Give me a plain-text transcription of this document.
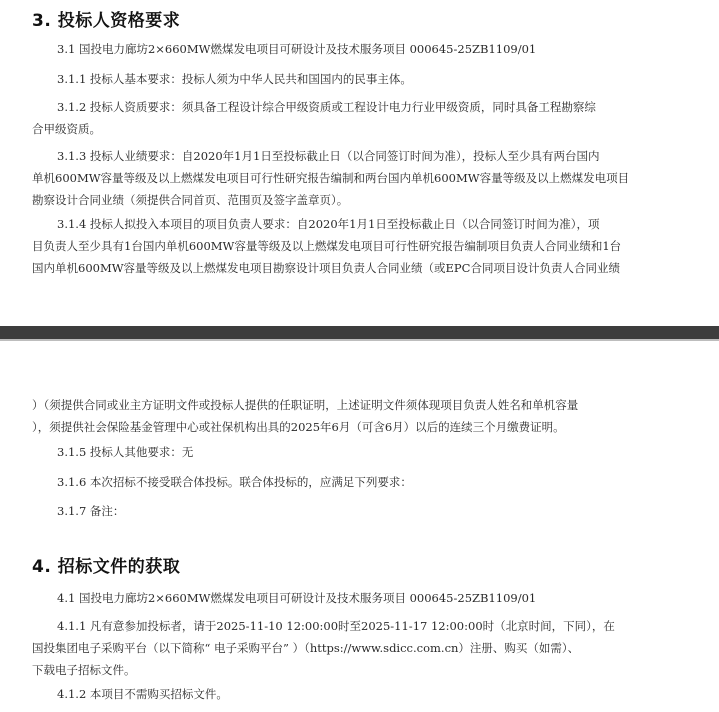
3. 投标人资格要求

3.1 国投电力廊坊2×660MW燃煤发电项目可研设计及技术服务项目 000645-25ZB1109/01

3.1.1 投标人基本要求：投标人须为中华人民共和国国内的民事主体。

3.1.2 投标人资质要求：须具备工程设计综合甲级资质或工程设计电力行业甲级资质，同时具备工程勘察综
合甲级资质。

3.1.3 投标人业绩要求：自2020年1月1日至投标截止日（以合同签订时间为准），投标人至少具有两台国内
单机600MW容量等级及以上燃煤发电项目可行性研究报告编制和两台国内单机600MW容量等级及以上燃煤发电项目
勘察设计合同业绩（须提供合同首页、范围页及签字盖章页）。

3.1.4 投标人拟投入本项目的项目负责人要求：自2020年1月1日至投标截止日（以合同签订时间为准），项
目负责人至少具有1台国内单机600MW容量等级及以上燃煤发电项目可行性研究报告编制项目负责人合同业绩和1台
国内单机600MW容量等级及以上燃煤发电项目勘察设计项目负责人合同业绩（或EPC合同项目设计负责人合同业绩

）（须提供合同或业主方证明文件或投标人提供的任职证明，上述证明文件须体现项目负责人姓名和单机容量
），须提供社会保险基金管理中心或社保机构出具的2025年6月（可含6月）以后的连续三个月缴费证明。

3.1.5 投标人其他要求：无

3.1.6 本次招标不接受联合体投标。联合体投标的，应满足下列要求：

3.1.7 备注：

4. 招标文件的获取

4.1 国投电力廊坊2×660MW燃煤发电项目可研设计及技术服务项目 000645-25ZB1109/01

4.1.1 凡有意参加投标者，请于2025-11-10 12:00:00时至2025-11-17 12:00:00时（北京时间，下同），在
国投集团电子采购平台（以下简称“ 电子采购平台” ）（https://www.sdicc.com.cn）注册、购买（如需）、
下载电子招标文件。

4.1.2 本项目不需购买招标文件。
